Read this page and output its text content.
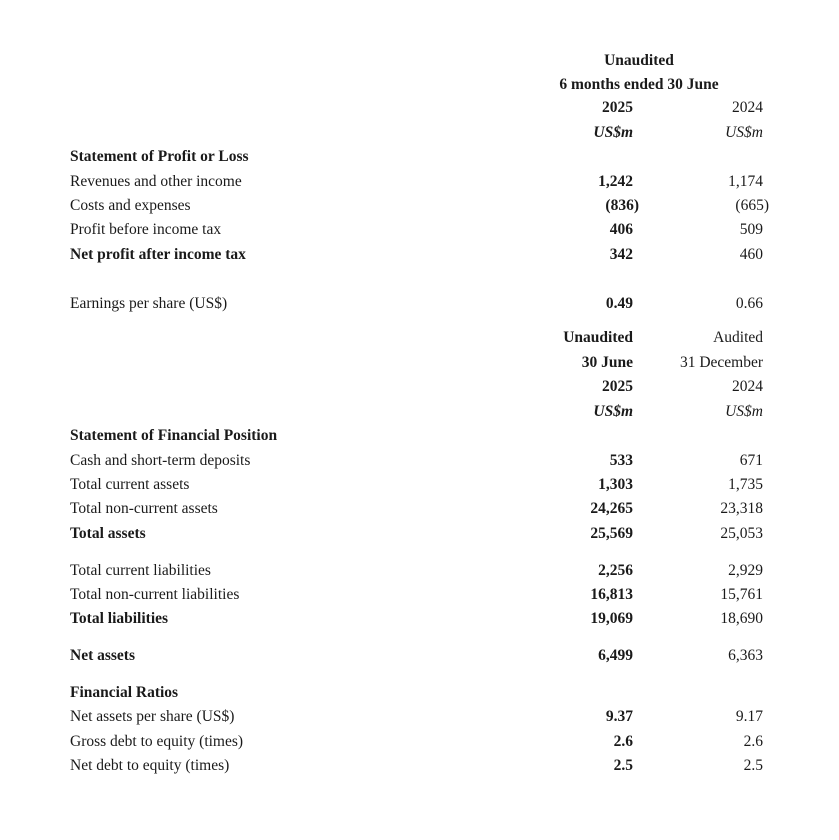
Unaudited
6 months ended 30 June
2025	2024
US$m	US$m
Statement of Profit or Loss
Revenues and other income	1,242	1,174
Costs and expenses	(836)	(665)
Profit before income tax	406	509
Net profit after income tax	342	460
Earnings per share (US$)	0.49	0.66
Unaudited	Audited
30 June	31 December
2025	2024
US$m	US$m
Statement of Financial Position
Cash and short-term deposits	533	671
Total current assets	1,303	1,735
Total non-current assets	24,265	23,318
Total assets	25,569	25,053
Total current liabilities	2,256	2,929
Total non-current liabilities	16,813	15,761
Total liabilities	19,069	18,690
Net assets	6,499	6,363
Financial Ratios
Net assets per share (US$)	9.37	9.17
Gross debt to equity (times)	2.6	2.6
Net debt to equity (times)	2.5	2.5
